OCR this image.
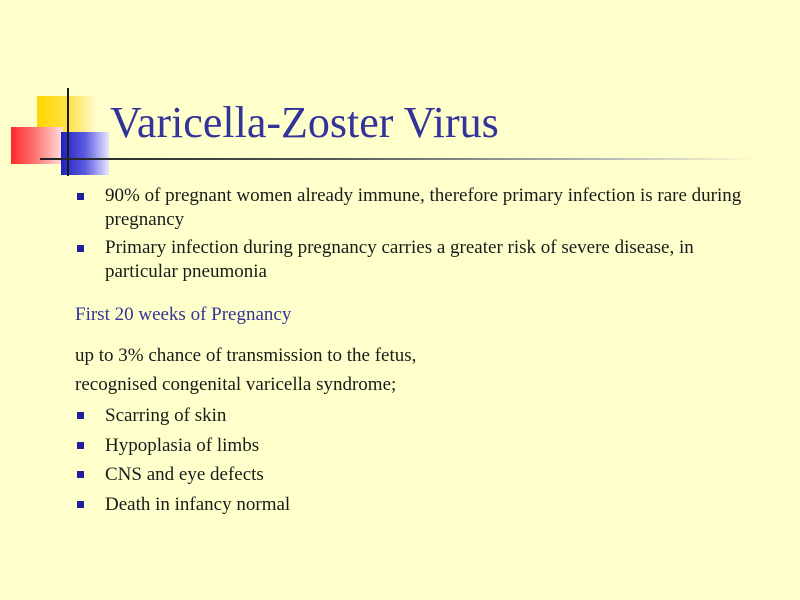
Varicella-Zoster Virus
90% of pregnant women already immune, therefore primary infection is rare during pregnancy
Primary infection during pregnancy carries a greater risk of severe disease, in particular pneumonia

First 20 weeks of Pregnancy

up to 3% chance of transmission to the fetus,

recognised congenital varicella syndrome;

Scarring of skin
Hypoplasia of limbs
CNS and eye defects
Death in infancy normal
